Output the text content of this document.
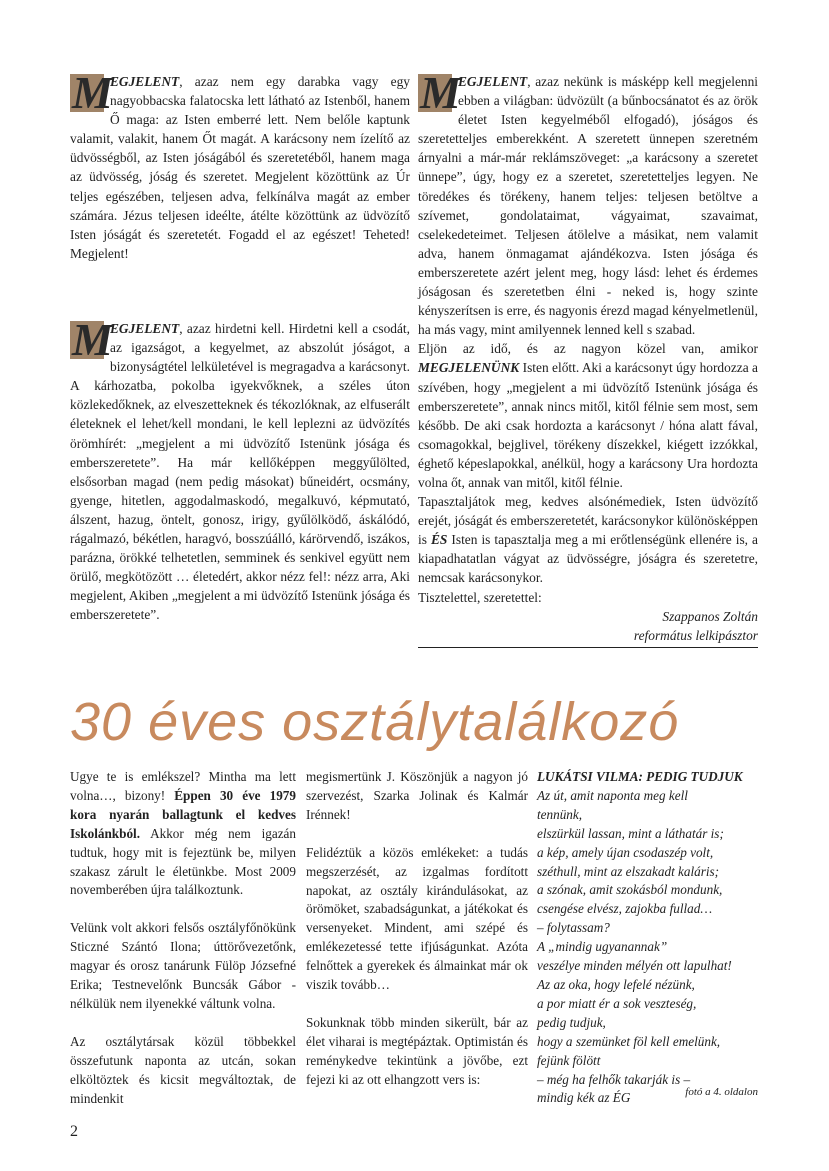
M
EGJELENT, azaz nem egy darabka vagy egy nagyobbacska falatocska lett látható az Istenből, hanem Ő maga: az Isten emberré lett. Nem belőle kaptunk valamit, valakit, hanem Őt magát. A karácsony nem ízelítő az üdvösségből, az Isten jóságából és szeretetéből, hanem maga az üdvösség, jóság és szeretet. Megjelent közöttünk az Úr teljes egészében, teljesen adva, felkínálva magát az ember számára. Jézus teljesen ideélte, átélte közöttünk az üdvözítő Isten jóságát és szeretetét. Fogadd el az egészet! Teheted! Megjelent!

M
EGJELENT, azaz hirdetni kell. Hirdetni kell a csodát, az igazságot, a kegyelmet, az abszolút jóságot, a bizonyságtétel lelkületével is megragadva a karácsonyt. A kárhozatba, pokolba igyekvőknek, a széles úton közlekedőknek, az elveszetteknek és tékozlóknak, az elfuserált életeknek el lehet/kell mondani, le kell leplezni az üdvözítés örömhírét: „megjelent a mi üdvözítő Istenünk jósága és emberszeretete”. Ha már kellőképpen meggyűlölted, elsősorban magad (nem pedig másokat) bűneidért, ocsmány, gyenge, hitetlen, aggodalmaskodó, megalkuvó, képmutató, álszent, hazug, öntelt, gonosz, irigy, gyűlölködő, áskálódó, rágalmazó, békétlen, haragvó, bosszúálló, kárörvendő, iszákos, parázna, örökké telhetetlen, semminek és senkivel együtt nem örülő, megkötözött … életedért, akkor nézz fel!: nézz arra, Aki megjelent, Akiben „megjelent a mi üdvözítő Istenünk jósága és emberszeretete”.

M
EGJELENT, azaz nekünk is másképp kell megjelenni ebben a világban: üdvözült (a bűnbocsánatot és az örök életet Isten kegyelméből elfogadó), jóságos és szeretetteljes emberekként. A szeretett ünnepen szeretném árnyalni a már-már reklámszöveget: „a karácsony a szeretet ünnepe”, úgy, hogy ez a szeretet, szeretetteljes legyen. Ne töredékes és törékeny, hanem teljes: teljesen betöltve a szívemet, gondolataimat, vágyaimat, szavaimat, cselekedeteimet. Teljesen átölelve a másikat, nem valamit adva, hanem önmagamat ajándékozva. Isten jósága és emberszeretete azért jelent meg, hogy lásd: lehet és érdemes jóságosan és szeretetben élni - neked is, hogy szinte kényszerítsen is erre, és nagyonis érezd magad kényelmetlenül, ha más vagy, mint amilyennek lenned kell s szabad.

Eljön az idő, és az nagyon közel van, amikor MEGJELENÜNK Isten előtt. Aki a karácsonyt úgy hordozza a szívében, hogy „megjelent a mi üdvözítő Istenünk jósága és emberszeretete”, annak nincs mitől, kitől félnie sem most, sem később. De aki csak hordozta a karácsonyt / hóna alatt fával, csomagokkal, bejglivel, törékeny díszekkel, kiégett izzókkal, éghető képeslapokkal, anélkül, hogy a karácsony Ura hordozta volna őt, annak van mitől, kitől félnie.

Tapasztaljátok meg, kedves alsónémediek, Isten üdvözítő erejét, jóságát és emberszeretetét, karácsonykor különösképpen is ÉS Isten is tapasztalja meg a mi erőtlenségünk ellenére is, a kiapadhatatlan vágyat az üdvösségre, jóságra és szeretetre, nemcsak karácsonykor.

Tisztelettel, szeretettel:

Szappanos Zoltán

református lelkipásztor

30 éves osztálytalálkozó

Ugye te is emlékszel? Mintha ma lett volna…, bizony! Éppen 30 éve 1979 kora nyarán ballagtunk el kedves Iskolánkból. Akkor még nem igazán tudtuk, hogy mit is fejeztünk be, milyen szakasz zárult le életünkbe. Most 2009 novemberében újra találkoztunk.

Velünk volt akkori felsős osztályfőnökünk Sticzné Szántó Ilona; úttörővezetőnk, magyar és orosz tanárunk Fülöp Józsefné Erika; Testnevelőnk Buncsák Gábor - nélkülük nem ilyenekké váltunk volna.

Az osztálytársak közül többekkel összefutunk naponta az utcán, sokan elköltöztek és kicsit megváltoztak, de mindenkit

megismertünk J. Köszönjük a nagyon jó szervezést, Szarka Jolinak és Kalmár Irénnek!

Felidéztük a közös emlékeket: a tudás megszerzését, az izgalmas fordított napokat, az osztály kirándulásokat, az örömöket, szabadságunkat, a játékokat és versenyeket. Mindent, ami szépé és emlékezetessé tette ifjúságunkat. Azóta felnőttek a gyerekek és álmainkat már ok viszik tovább…

Sokunknak több minden sikerült, bár az élet viharai is megtépáztak. Optimistán és reménykedve tekintünk a jövőbe, ezt fejezi ki az ott elhangzott vers is:

LUKÁTSI VILMA: PEDIG TUDJUK
Az út, amit naponta meg kell
tennünk,
elszürkül lassan, mint a láthatár is;
a kép, amely újan csodaszép volt,
széthull, mint az elszakadt kaláris;
a szónak, amit szokásból mondunk,
csengése elvész, zajokba fullad…
– folytassam?
A „mindig ugyanannak”
veszélye minden mélyén ott lapulhat!
Az az oka, hogy lefelé nézünk,
a por miatt ér a sok veszteség,
pedig tudjuk,
hogy a szemünket föl kell emelünk,
fejünk fölött
– még ha felhők takarják is –
mindig kék az ÉG	fotó a 4. oldalon
2
